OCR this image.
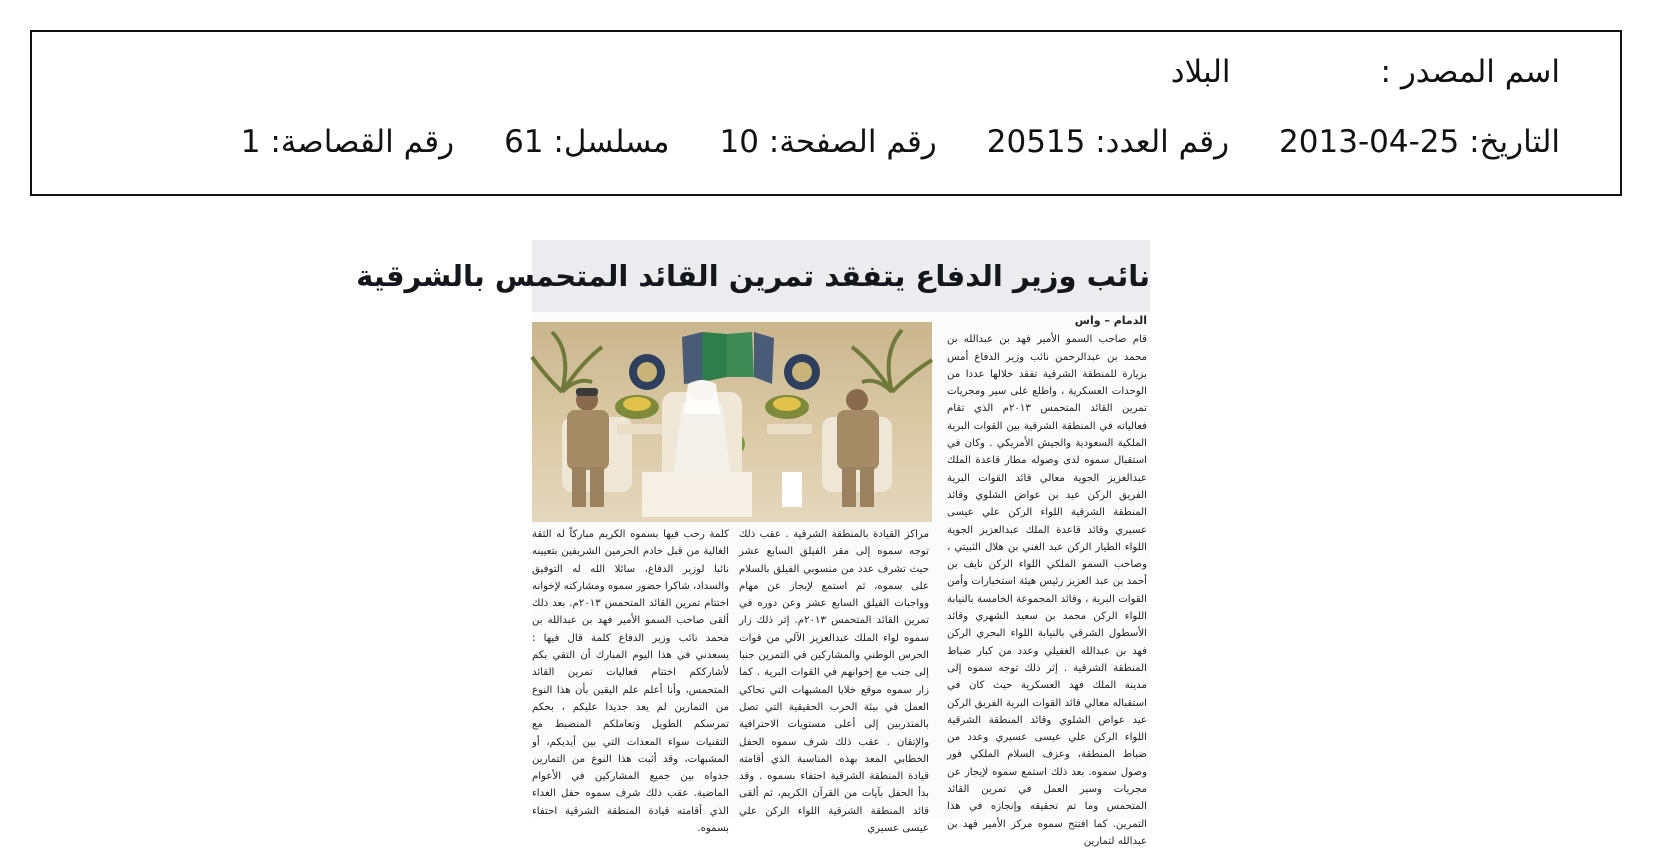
اسم المصدر :البلاد
التاريخ: 25-04-2013رقم العدد: 20515رقم الصفحة: 10مسلسل: 61رقم القصاصة: 1
نائب وزير الدفاع يتفقد تمرين القائد المتحمس بالشرقية

الدمام – واس

قام صاحب السمو الأمير فهد بن عبدالله بن محمد بن عبدالرحمن نائب وزير الدفاع أمس بزيارة للمنطقة الشرقية تفقد خلالها عددا من الوحدات العسكرية ، واطلع على سير ومجريات تمرين القائد المتحمس ٢٠١٣م الذي تقام فعالياته في المنطقة الشرقية بين القوات البرية الملكية السعودية والجيش الأمريكي . وكان في استقبال سموه لدى وصوله مطار قاعدة الملك عبدالعزيز الجوية معالي قائد القوات البرية الفريق الركن عيد بن عواض الشلوي وقائد المنطقة الشرقية اللواء الركن علي عيسى عسيري وقائد قاعدة الملك عبدالعزيز الجوية اللواء الطيار الركن عبد الغني بن هلال الثبيتي ، وصاحب السمو الملكي اللواء الركن نايف بن أحمد بن عبد العزيز رئيس هيئة استخبارات وأمن القوات البرية ، وقائد المجموعة الخامسة بالنيابة اللواء الركن محمد بن سعيد الشهري وقائد الأسطول الشرقي بالنيابة اللواء البحري الركن فهد بن عبدالله الغفيلي وعدد من كبار ضباط المنطقة الشرقية . إثر ذلك توجه سموه إلى مدينة الملك فهد العسكرية حيث كان في استقباله معالي قائد القوات البرية الفريق الركن عيد عواض الشلوي وقائد المنطقة الشرقية اللواء الركن علي عيسى عسيري وعدد من ضباط المنطقة، وعزف السلام الملكي فور وصول سموه. بعد ذلك استمع سموه لإيجاز عن مجريات وسير العمل في تمرين القائد المتحمس وما تم تحقيقه وإنجازه في هذا التمرين. كما افتتح سموه مركز الأمير فهد بن عبدالله لتمارين

مراكز القيادة بالمنطقة الشرقية . عقب ذلك توجه سموه إلى مقر الفيلق السابع عشر حيث تشرف عدد من منسوبي الفيلق بالسلام على سموه، ثم استمع لإيجاز عن مهام وواجبات الفيلق السابع عشر وعن دوره في تمرين القائد المتحمس ٢٠١٣م. إثر ذلك زار سموه لواء الملك عبدالعزيز الآلي من قوات الحرس الوطني والمشاركين في التمرين جنبا إلى جنب مع إخوانهم في القوات البرية . كما زار سموه موقع خلايا المشبهات التي تحاكي العمل في بيئة الحرب الحقيقية التي تصل بالمتدربين إلى أعلى مستويات الاحترافية والإتقان . عقب ذلك شرف سموه الحفل الخطابي المعد بهذه المناسبة الذي أقامته قيادة المنطقة الشرقية احتفاء بسموه . وقد بدأ الحفل بآيات من القرآن الكريم، ثم ألقى قائد المنطقة الشرقية اللواء الركن علي عيسى عسيري

كلمة رحب فيها بسموه الكريم مباركاً له الثقة الغالية من قبل خادم الحرمين الشريفين بتعيينه نائبا لوزير الدفاع، سائلا الله له التوفيق والسداد، شاكرا حضور سموه ومشاركته لإخوانه اختتام تمرين القائد المتحمس ٢٠١٣م. بعد ذلك ألقى صاحب السمو الأمير فهد بن عبدالله بن محمد نائب وزير الدفاع كلمة قال فيها : يسعدني في هذا اليوم المبارك أن التقي بكم لأشارككم اختتام فعاليات تمرين القائد المتحمس، وأنا أعلم علم اليقين بأن هذا النوع من التمارين لم يعد جديدا عليكم ، بحكم تمرسكم الطويل وتعاملكم المنضبط مع التقنيات سواء المعدات التي بين أيديكم، أو المشبهات، وقد أثبت هذا النوع من التمارين جدواه بين جميع المشاركين في الأعوام الماضية. عقب ذلك شرف سموه حفل الغداء الذي أقامته قيادة المنطقة الشرقية احتفاء بسموه.
